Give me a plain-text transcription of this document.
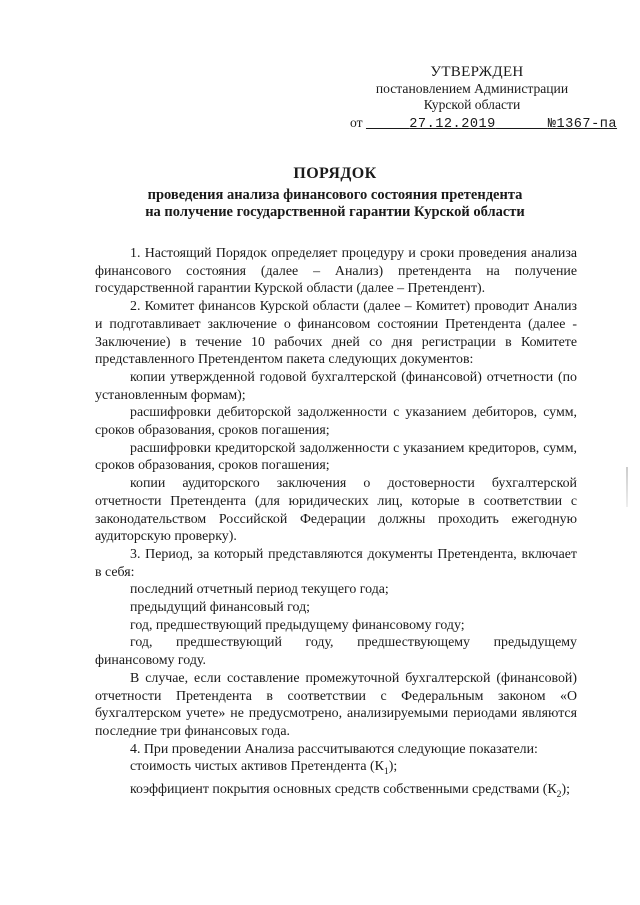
УТВЕРЖДЕН
постановлением Администрации
Курской области
от	27.12.2019	№1367-па
ПОРЯДОК
проведения анализа финансового состояния претендента
на получение государственной гарантии Курской области

1. Настоящий Порядок определяет процедуру и сроки проведения анализа финансового состояния (далее – Анализ) претендента на получение государственной гарантии Курской области (далее – Претендент).

2. Комитет финансов Курской области (далее – Комитет) проводит Анализ и подготавливает заключение о финансовом состоянии Претендента (далее - Заключение) в течение 10 рабочих дней со дня регистрации в Комитете представленного Претендентом пакета следующих документов:

копии утвержденной годовой бухгалтерской (финансовой) отчетности (по установленным формам);

расшифровки дебиторской задолженности с указанием дебиторов, сумм, сроков образования, сроков погашения;

расшифровки кредиторской задолженности с указанием кредиторов, сумм, сроков образования, сроков погашения;

копии аудиторского заключения о достоверности бухгалтерской отчетности Претендента (для юридических лиц, которые в соответствии с законодательством Российской Федерации должны проходить ежегодную аудиторскую проверку).

3. Период, за который представляются документы Претендента, включает в себя:

последний отчетный период текущего года;

предыдущий финансовый год;

год, предшествующий предыдущему финансовому году;

год, предшествующий году, предшествующему предыдущему финансовому году.

В случае, если составление промежуточной бухгалтерской (финансовой) отчетности Претендента в соответствии с Федеральным законом «О бухгалтерском учете» не предусмотрено, анализируемыми периодами являются последние три финансовых года.

4. При проведении Анализа рассчитываются следующие показатели:

стоимость чистых активов Претендента $(К_1)$;

коэффициент покрытия основных средств собственными средствами $(К_2)$;
